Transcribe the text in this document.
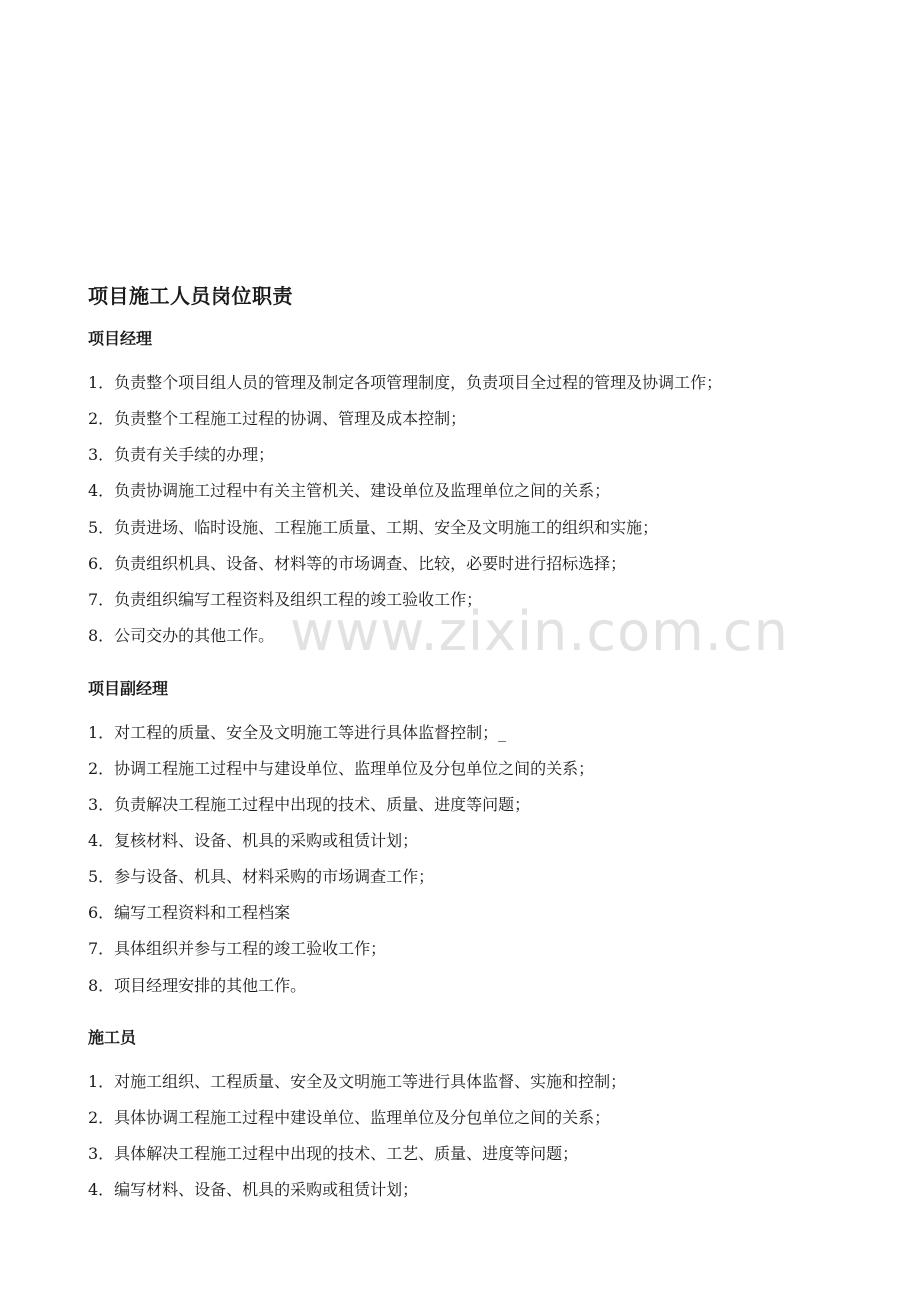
项目施工人员岗位职责
项目经理
1．负责整个项目组人员的管理及制定各项管理制度，负责项目全过程的管理及协调工作；
2．负责整个工程施工过程的协调、管理及成本控制；
3．负责有关手续的办理；
4．负责协调施工过程中有关主管机关、建设单位及监理单位之间的关系；
5．负责进场、临时设施、工程施工质量、工期、安全及文明施工的组织和实施；
6．负责组织机具、设备、材料等的市场调查、比较，必要时进行招标选择；
7．负责组织编写工程资料及组织工程的竣工验收工作；
8．公司交办的其他工作。
项目副经理
1．对工程的质量、安全及文明施工等进行具体监督控制；_
2．协调工程施工过程中与建设单位、监理单位及分包单位之间的关系；
3．负责解决工程施工过程中出现的技术、质量、进度等问题；
4．复核材料、设备、机具的采购或租赁计划；
5．参与设备、机具、材料采购的市场调查工作；
6．编写工程资料和工程档案
7．具体组织并参与工程的竣工验收工作；
8．项目经理安排的其他工作。
施工员
1．对施工组织、工程质量、安全及文明施工等进行具体监督、实施和控制；
2．具体协调工程施工过程中建设单位、监理单位及分包单位之间的关系；
3．具体解决工程施工过程中出现的技术、工艺、质量、进度等问题；
4．编写材料、设备、机具的采购或租赁计划；
www.zixin.com.cn
